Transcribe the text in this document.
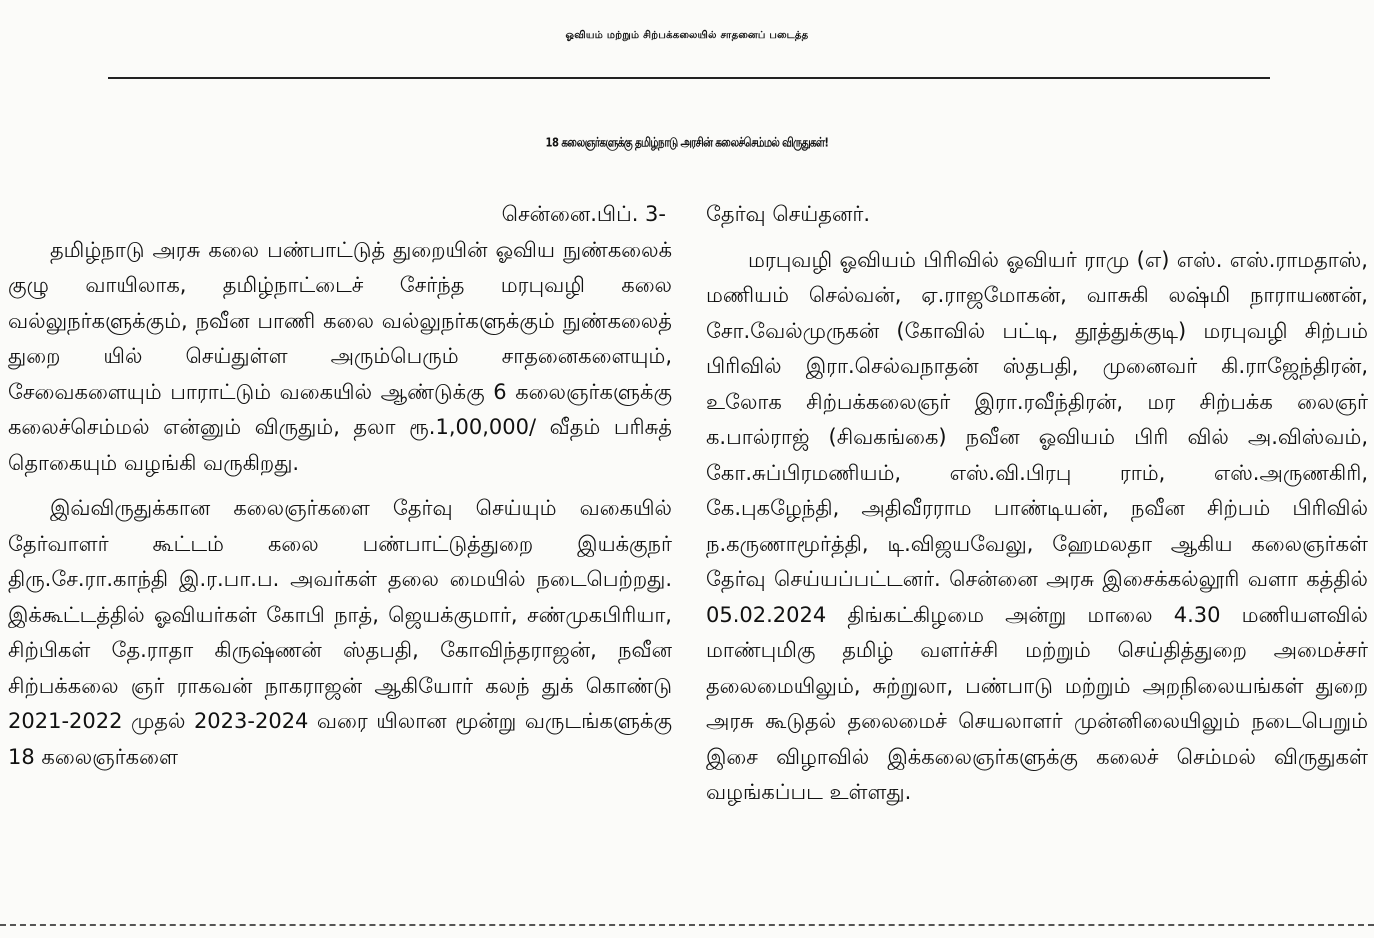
ஓவியம் மற்றும் சிற்பக்கலையில் சாதனைப் படைத்த
18 கலைஞர்களுக்கு தமிழ்நாடு அரசின் கலைச்செம்மல் விருதுகள்!

சென்னை.பிப். 3-

தமிழ்நாடு அரசு கலை பண்பாட்டுத் துறையின் ஓவிய நுண்கலைக் குழு வாயிலாக, தமிழ்நாட்டைச் சேர்ந்த மரபுவழி கலை வல்லுநர்களுக்கும், நவீன பாணி கலை வல்லுநர்களுக்கும் நுண்கலைத் துறை யில் செய்துள்ள அரும்பெரும் சாதனைகளையும், சேவைகளையும் பாராட்டும் வகையில் ஆண்டுக்கு 6 கலைஞர்களுக்கு கலைச்செம்மல் என்னும் விருதும், தலா ரூ.1,00,000/ வீதம் பரிசுத் தொகையும் வழங்கி வருகிறது.

இவ்விருதுக்கான கலைஞர்களை தேர்வு செய்யும் வகையில் தேர்வாளர் கூட்டம் கலை பண்பாட்டுத்துறை இயக்குநர் திரு.சே.ரா.காந்தி இ.ர.பா.ப. அவர்கள் தலை மையில் நடைபெற்றது. இக்கூட்டத்தில் ஓவியர்கள் கோபி நாத், ஜெயக்குமார், சண்முகபிரியா, சிற்பிகள் தே.ராதா கிருஷ்ணன் ஸ்தபதி, கோவிந்தராஜன், நவீன சிற்பக்கலை ஞர் ராகவன் நாகராஜன் ஆகியோர் கலந் துக் கொண்டு 2021-2022 முதல் 2023-2024 வரை யிலான மூன்று வருடங்களுக்கு 18 கலைஞர்களை

தேர்வு செய்தனர்.

மரபுவழி ஓவியம் பிரிவில் ஓவியர் ராமு (எ) எஸ். எஸ்.ராமதாஸ், மணியம் செல்வன், ஏ.ராஜமோகன், வாசுகி லஷ்மி நாராயணன், சோ.வேல்முருகன் (கோவில் பட்டி, தூத்துக்குடி) மரபுவழி சிற்பம் பிரிவில் இரா.செல்வநாதன் ஸ்தபதி, முனைவர் கி.ராஜேந்திரன், உலோக சிற்பக்கலைஞர் இரா.ரவீந்திரன், மர சிற்பக்க லைஞர் க.பால்ராஜ் (சிவகங்கை) நவீன ஓவியம் பிரி வில் அ.விஸ்வம், கோ.சுப்பிரமணியம், எஸ்.வி.பிரபு ராம், எஸ்.அருணகிரி, கே.புகழேந்தி, அதிவீரராம பாண்டியன், நவீன சிற்பம் பிரிவில் ந.கருணாமூர்த்தி, டி.விஜயவேலு, ஹேமலதா ஆகிய கலைஞர்கள் தேர்வு செய்யப்பட்டனர். சென்னை அரசு இசைக்கல்லூரி வளா கத்தில் 05.02.2024 திங்கட்கிழமை அன்று மாலை 4.30 மணியளவில் மாண்புமிகு தமிழ் வளர்ச்சி மற்றும் செய்தித்துறை அமைச்சர் தலைமையிலும், சுற்றுலா, பண்பாடு மற்றும் அறநிலையங்கள் துறை அரசு கூடுதல் தலைமைச் செயலாளர் முன்னிலையிலும் நடைபெறும் இசை விழாவில் இக்கலைஞர்களுக்கு கலைச் செம்மல் விருதுகள் வழங்கப்பட உள்ளது.
